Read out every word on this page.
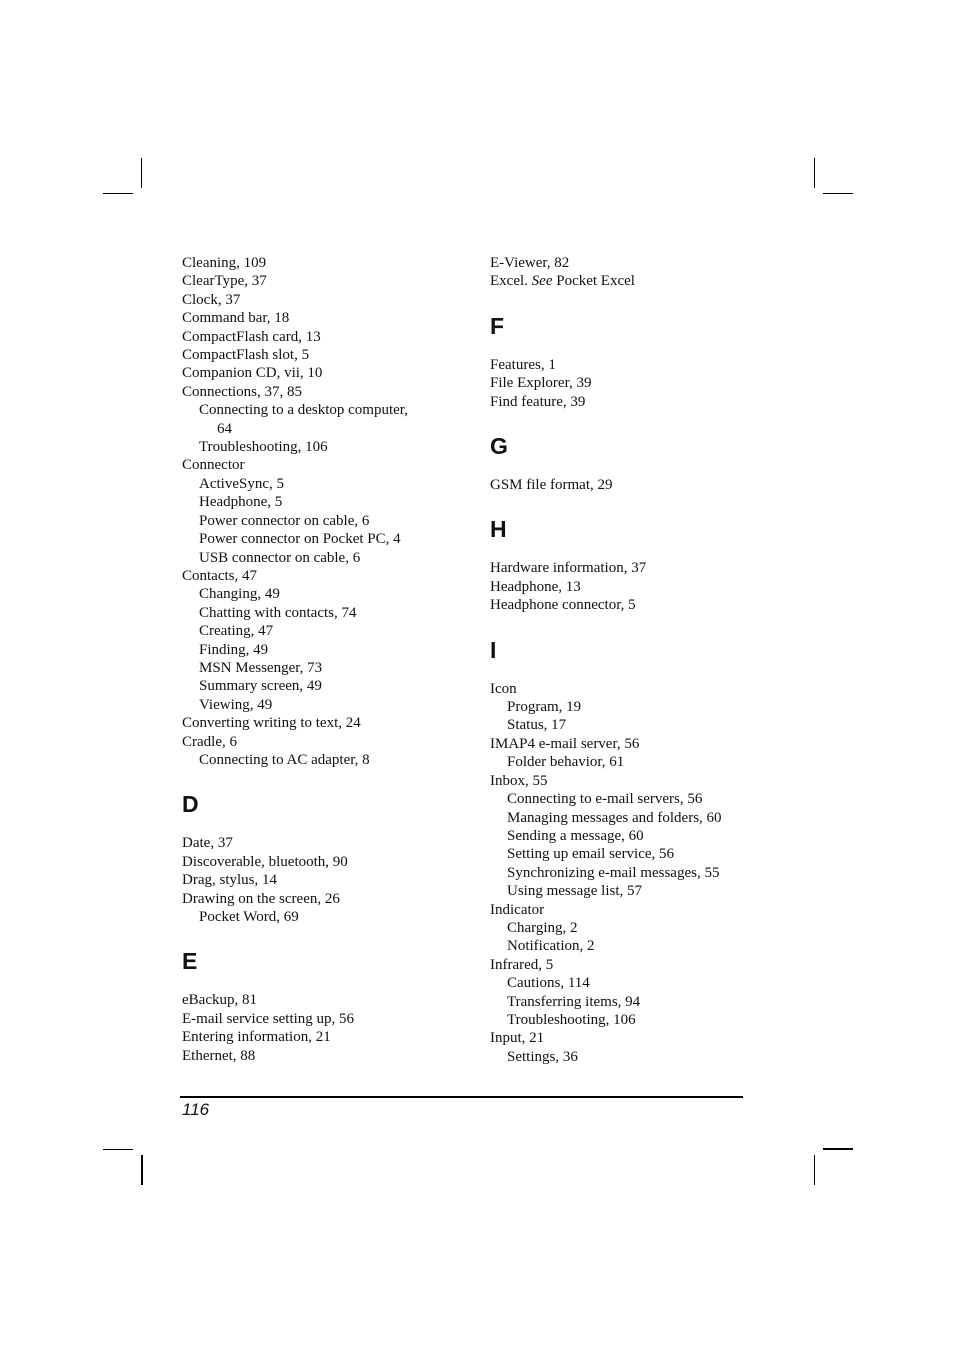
Cleaning, 109
ClearType, 37
Clock, 37
Command bar, 18
CompactFlash card, 13
CompactFlash slot, 5
Companion CD, vii, 10
Connections, 37, 85
Connecting to a desktop computer,
64
Troubleshooting, 106
Connector
ActiveSync, 5
Headphone, 5
Power connector on cable, 6
Power connector on Pocket PC, 4
USB connector on cable, 6
Contacts, 47
Changing, 49
Chatting with contacts, 74
Creating, 47
Finding, 49
MSN Messenger, 73
Summary screen, 49
Viewing, 49
Converting writing to text, 24
Cradle, 6
Connecting to AC adapter, 8
D
Date, 37
Discoverable, bluetooth, 90
Drag, stylus, 14
Drawing on the screen, 26
Pocket Word, 69
E
eBackup, 81
E-mail service setting up, 56
Entering information, 21
Ethernet, 88
E-Viewer, 82
Excel. See Pocket Excel
F
Features, 1
File Explorer, 39
Find feature, 39
G
GSM file format, 29
H
Hardware information, 37
Headphone, 13
Headphone connector, 5
I
Icon
Program, 19
Status, 17
IMAP4 e-mail server, 56
Folder behavior, 61
Inbox, 55
Connecting to e-mail servers, 56
Managing messages and folders, 60
Sending a message, 60
Setting up email service, 56
Synchronizing e-mail messages, 55
Using message list, 57
Indicator
Charging, 2
Notification, 2
Infrared, 5
Cautions, 114
Transferring items, 94
Troubleshooting, 106
Input, 21
Settings, 36
116
